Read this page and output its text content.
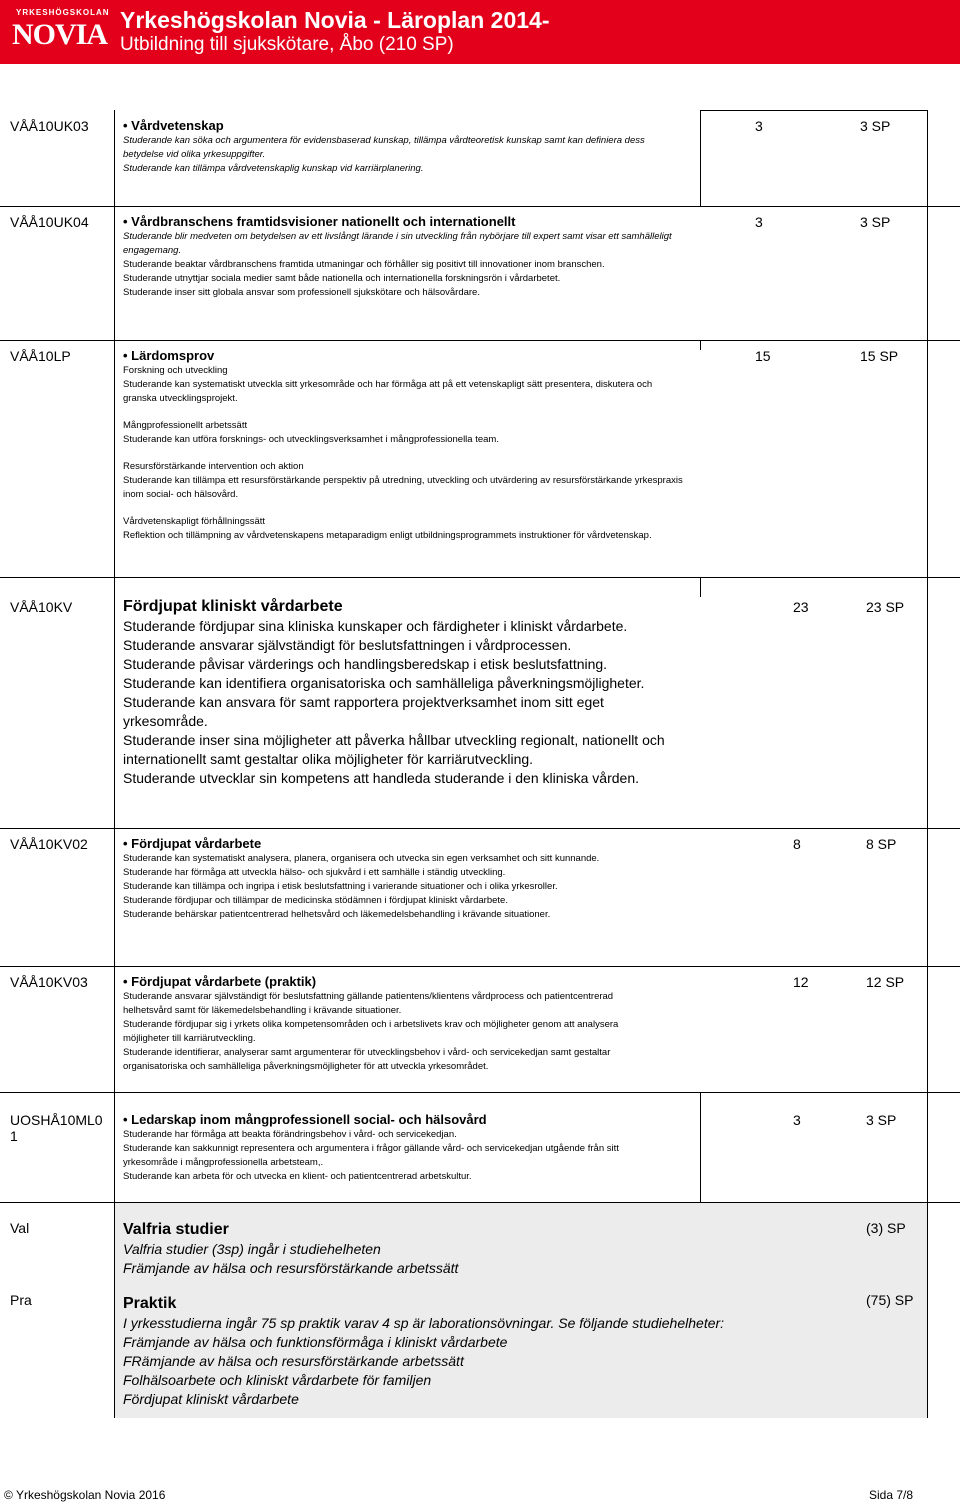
YRKESHÖGSKOLAN
NOVIA Yrkeshögskolan Novia - Läroplan 2014-
Utbildning till sjukskötare, Åbo (210 SP)
VÅÅ10UK03	• Vårdvetenskap
Studerande kan söka och argumentera för evidensbaserad kunskap, tillämpa vårdteoretisk kunskap samt kan definiera dess betydelse vid olika yrkesuppgifter.
Studerande kan tillämpa vårdvetenskaplig kunskap vid karriärplanering.
3	3 SP
VÅÅ10UK04	• Vårdbranschens framtidsvisioner nationellt och internationellt
Studerande blir medveten om betydelsen av ett livslångt lärande i sin utveckling från nybörjare till expert samt visar ett samhälleligt engagemang.
Studerande beaktar vårdbranschens framtida utmaningar och förhåller sig positivt till innovationer inom branschen.
Studerande utnyttjar sociala medier samt både nationella och internationella forskningsrön i vårdarbetet.
Studerande inser sitt globala ansvar som professionell sjukskötare och hälsovårdare.
3	3 SP
VÅÅ10LP	• Lärdomsprov
Forskning och utveckling
Studerande kan systematiskt utveckla sitt yrkesområde och har förmåga att på ett vetenskapligt sätt presentera, diskutera och granska utvecklingsprojekt.
Mångprofessionellt arbetssätt
Studerande kan utföra forsknings- och utvecklingsverksamhet i mångprofessionella team.
Resursförstärkande intervention och aktion
Studerande kan tillämpa ett resursförstärkande perspektiv på utredning, utveckling och utvärdering av resursförstärkande yrkespraxis inom social- och hälsovård.
Vårdvetenskapligt förhållningssätt
Reflektion och tillämpning av vårdvetenskapens metaparadigm enligt utbildningsprogrammets instruktioner för vårdvetenskap.
15	15 SP
VÅÅ10KV	Fördjupat kliniskt vårdarbete
Studerande fördjupar sina kliniska kunskaper och färdigheter i kliniskt vårdarbete.
Studerande ansvarar självständigt för beslutsfattningen i vårdprocessen.
Studerande påvisar värderings och handlingsberedskap i etisk beslutsfattning.
Studerande kan identifiera organisatoriska och samhälleliga påverkningsmöjligheter.
Studerande kan ansvara för samt rapportera projektverksamhet inom sitt eget yrkesområde.
Studerande inser sina möjligheter att påverka hållbar utveckling regionalt, nationellt och internationellt samt gestaltar olika möjligheter för karriärutveckling.
Studerande utvecklar sin kompetens att handleda studerande i den kliniska vården.
23	23 SP
VÅÅ10KV02	• Fördjupat vårdarbete
Studerande kan systematiskt analysera, planera, organisera och utvecka sin egen verksamhet och sitt kunnande.
Studerande har förmåga att utveckla hälso- och sjukvård i ett samhälle i ständig utveckling.
Studerande kan tillämpa och ingripa i etisk beslutsfattning i varierande situationer och i olika yrkesroller.
Studerande fördjupar och tillämpar de medicinska stödämnen i fördjupat kliniskt vårdarbete.
Studerande behärskar patientcentrerad helhetsvård och läkemedelsbehandling i krävande situationer.
8	8 SP
VÅÅ10KV03	• Fördjupat vårdarbete (praktik)
Studerande ansvarar självständigt för beslutsfattning gällande patientens/klientens vårdprocess och patientcentrerad helhetsvård samt för läkemedelsbehandling i krävande situationer.
Studerande fördjupar sig i yrkets olika kompetensområden och i arbetslivets krav och möjligheter genom att analysera möjligheter till karriärutveckling.
Studerande identifierar, analyserar samt argumenterar för utvecklingsbehov i vård- och servicekedjan samt gestaltar organisatoriska och samhälleliga påverkningsmöjligheter för att utveckla yrkesområdet.
12	12 SP
UOSHÅ10ML0
1
• Ledarskap inom mångprofessionell social- och hälsovård
Studerande har förmåga att beakta förändringsbehov i vård- och servicekedjan.
Studerande kan sakkunnigt representera och argumentera i frågor gällande vård- och servicekedjan utgående från sitt yrkesområde i mångprofessionella arbetsteam,.
Studerande kan arbeta för och utvecka en klient- och patientcentrerad arbetskultur.
3	3 SP
Val	Valfria studier
Valfria studier (3sp) ingår i studiehelheten
Främjande av hälsa och resursförstärkande arbetssätt
(3) SP
Pra	Praktik
I yrkesstudierna ingår 75 sp praktik varav 4 sp är laborationsövningar. Se följande studiehelheter:
Främjande av hälsa och funktionsförmåga i kliniskt vårdarbete
FRämjande av hälsa och resursförstärkande arbetssätt
Folhälsoarbete och kliniskt vårdarbete för familjen
Fördjupat kliniskt vårdarbete
(75) SP
© Yrkeshögskolan Novia 2016	Sida 7/8
